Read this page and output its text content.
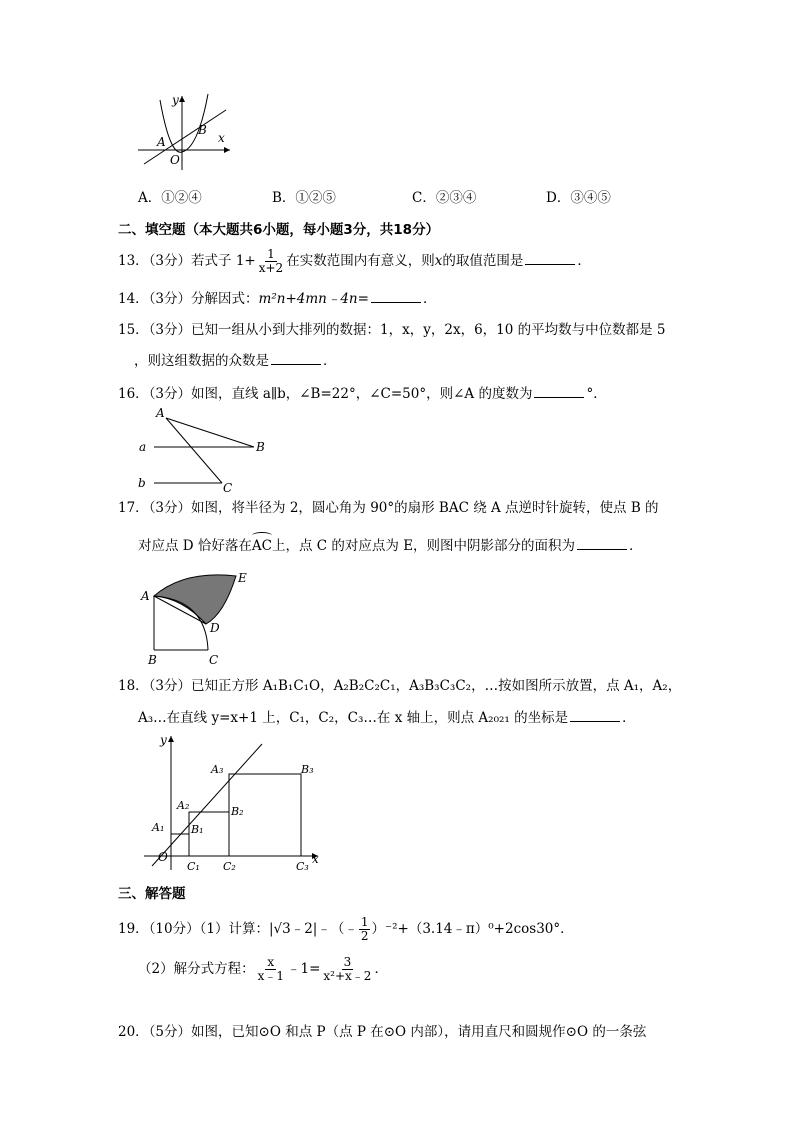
y
x
A
B
O
A．①②④	B．①②⑤	C．②③④	D．③④⑤
二、填空题（本大题共6小题，每小题3分，共18分）
13．（3分）若式子 $1+ \frac{1}{x+2}$ 在实数范围内有意义，则x的取值范围是	．
14．（3分）分解因式：m²n+4mn﹣4n=	．
15．（3分）已知一组从小到大排列的数据：1，x，y，2x，6，10 的平均数与中位数都是 5
，则这组数据的众数是	．
16．（3分）如图，直线 a∥b，∠B=22°，∠C=50°，则∠A 的度数为	°．
A
a	B
b	C
17．（3分）如图，将半径为 2，圆心角为 90°的扇形 BAC 绕 A 点逆时针旋转，使点 B 的
对应点 D 恰好落在AC上，点 C 的对应点为 E，则图中阴影部分的面积为	．
A
B	C
D
E
18．（3分）已知正方形 A₁B₁C₁O，A₂B₂C₂C₁，A₃B₃C₃C₂，…按如图所示放置，点 A₁，A₂，
A₃…在直线 y=x+1 上，C₁，C₂，C₃…在 x 轴上，则点 A₂₀₂₁ 的坐标是	．
y
x
O
A₁
A₂
A₃
B₁
B₂
B₃
C₁ C₂	C₃
三、解答题
19．（10分）（1）计算：|√3﹣2|﹣（﹣ $\frac{1}{2}$ ）⁻²+（3.14﹣π）⁰+2cos30°．
（2）解分式方程： $\frac{x}{x﹣1}$ ﹣1= $\frac{3}{\text{x²+x﹣2}}$ ．
20．（5分）如图，已知⊙O 和点 P（点 P 在⊙O 内部），请用直尺和圆规作⊙O 的一条弦
